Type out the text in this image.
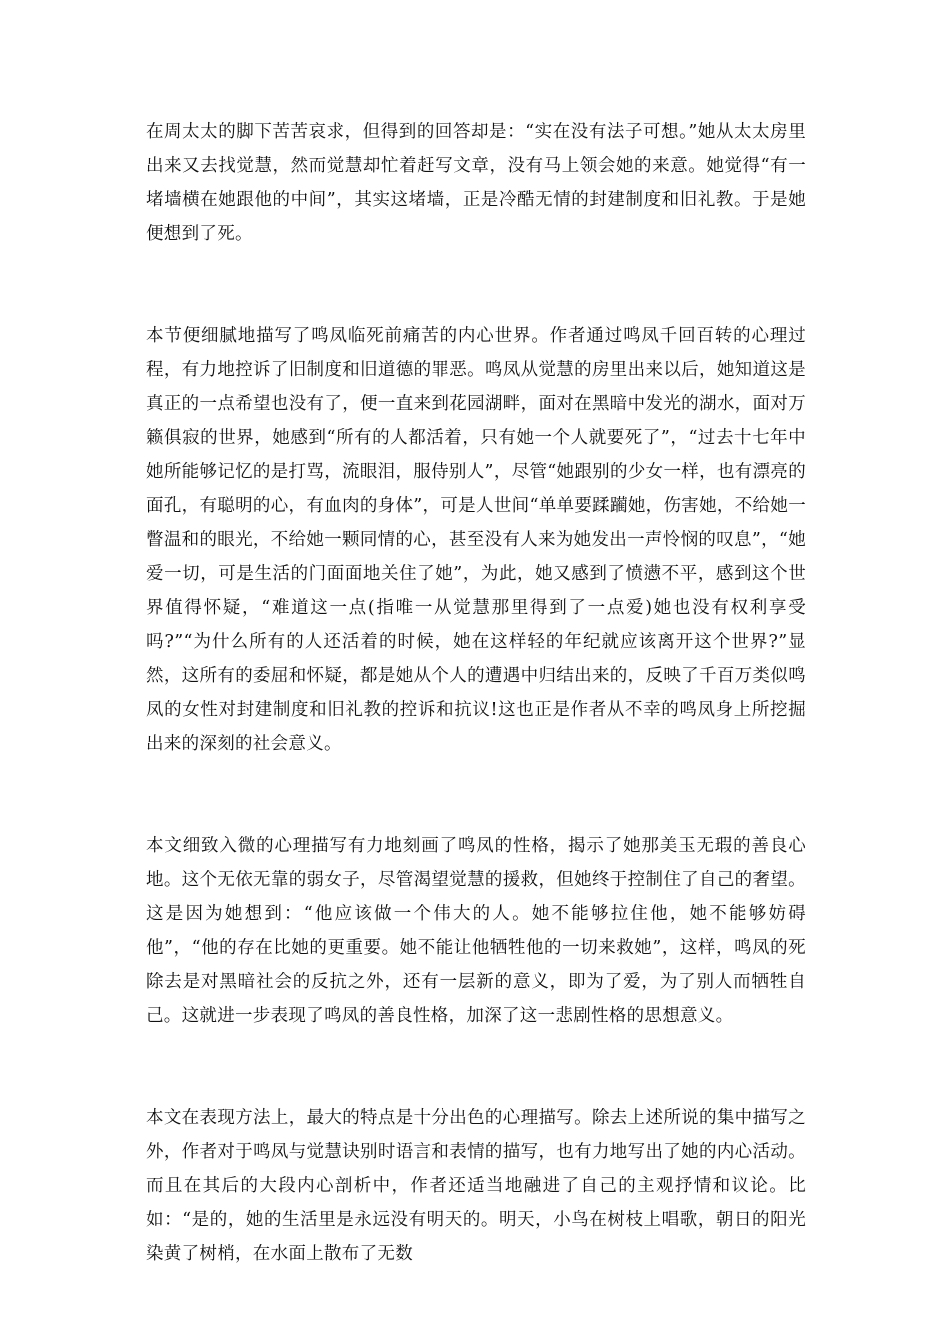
在周太太的脚下苦苦哀求，但得到的回答却是：“实在没有法子可想。”她从太太房里出来又去找觉慧，然而觉慧却忙着赶写文章，没有马上领会她的来意。她觉得“有一堵墙横在她跟他的中间”，其实这堵墙，正是冷酷无情的封建制度和旧礼教。于是她便想到了死。

本节便细腻地描写了鸣凤临死前痛苦的内心世界。作者通过鸣凤千回百转的心理过程，有力地控诉了旧制度和旧道德的罪恶。鸣凤从觉慧的房里出来以后，她知道这是真正的一点希望也没有了，便一直来到花园湖畔，面对在黑暗中发光的湖水，面对万籁俱寂的世界，她感到“所有的人都活着，只有她一个人就要死了”，“过去十七年中她所能够记忆的是打骂，流眼泪，服侍别人”，尽管“她跟别的少女一样，也有漂亮的面孔，有聪明的心，有血肉的身体”，可是人世间“单单要蹂躏她，伤害她，不给她一瞥温和的眼光，不给她一颗同情的心，甚至没有人来为她发出一声怜悯的叹息”，“她爱一切，可是生活的门面面地关住了她”，为此，她又感到了愤懑不平，感到这个世界值得怀疑，“难道这一点(指唯一从觉慧那里得到了一点爱)她也没有权利享受吗?”“为什么所有的人还活着的时候，她在这样轻的年纪就应该离开这个世界?”显然，这所有的委屈和怀疑，都是她从个人的遭遇中归结出来的，反映了千百万类似鸣凤的女性对封建制度和旧礼教的控诉和抗议!这也正是作者从不幸的鸣凤身上所挖掘出来的深刻的社会意义。

本文细致入微的心理描写有力地刻画了鸣凤的性格，揭示了她那美玉无瑕的善良心地。这个无依无靠的弱女子，尽管渴望觉慧的援救，但她终于控制住了自己的奢望。这是因为她想到：“他应该做一个伟大的人。她不能够拉住他，她不能够妨碍他”，“他的存在比她的更重要。她不能让他牺牲他的一切来救她”，这样，鸣凤的死除去是对黑暗社会的反抗之外，还有一层新的意义，即为了爱，为了别人而牺牲自己。这就进一步表现了鸣凤的善良性格，加深了这一悲剧性格的思想意义。

本文在表现方法上，最大的特点是十分出色的心理描写。除去上述所说的集中描写之外，作者对于鸣凤与觉慧诀别时语言和表情的描写，也有力地写出了她的内心活动。而且在其后的大段内心剖析中，作者还适当地融进了自己的主观抒情和议论。比如：“是的，她的生活里是永远没有明天的。明天，小鸟在树枝上唱歌，朝日的阳光染黄了树梢，在水面上散布了无数
